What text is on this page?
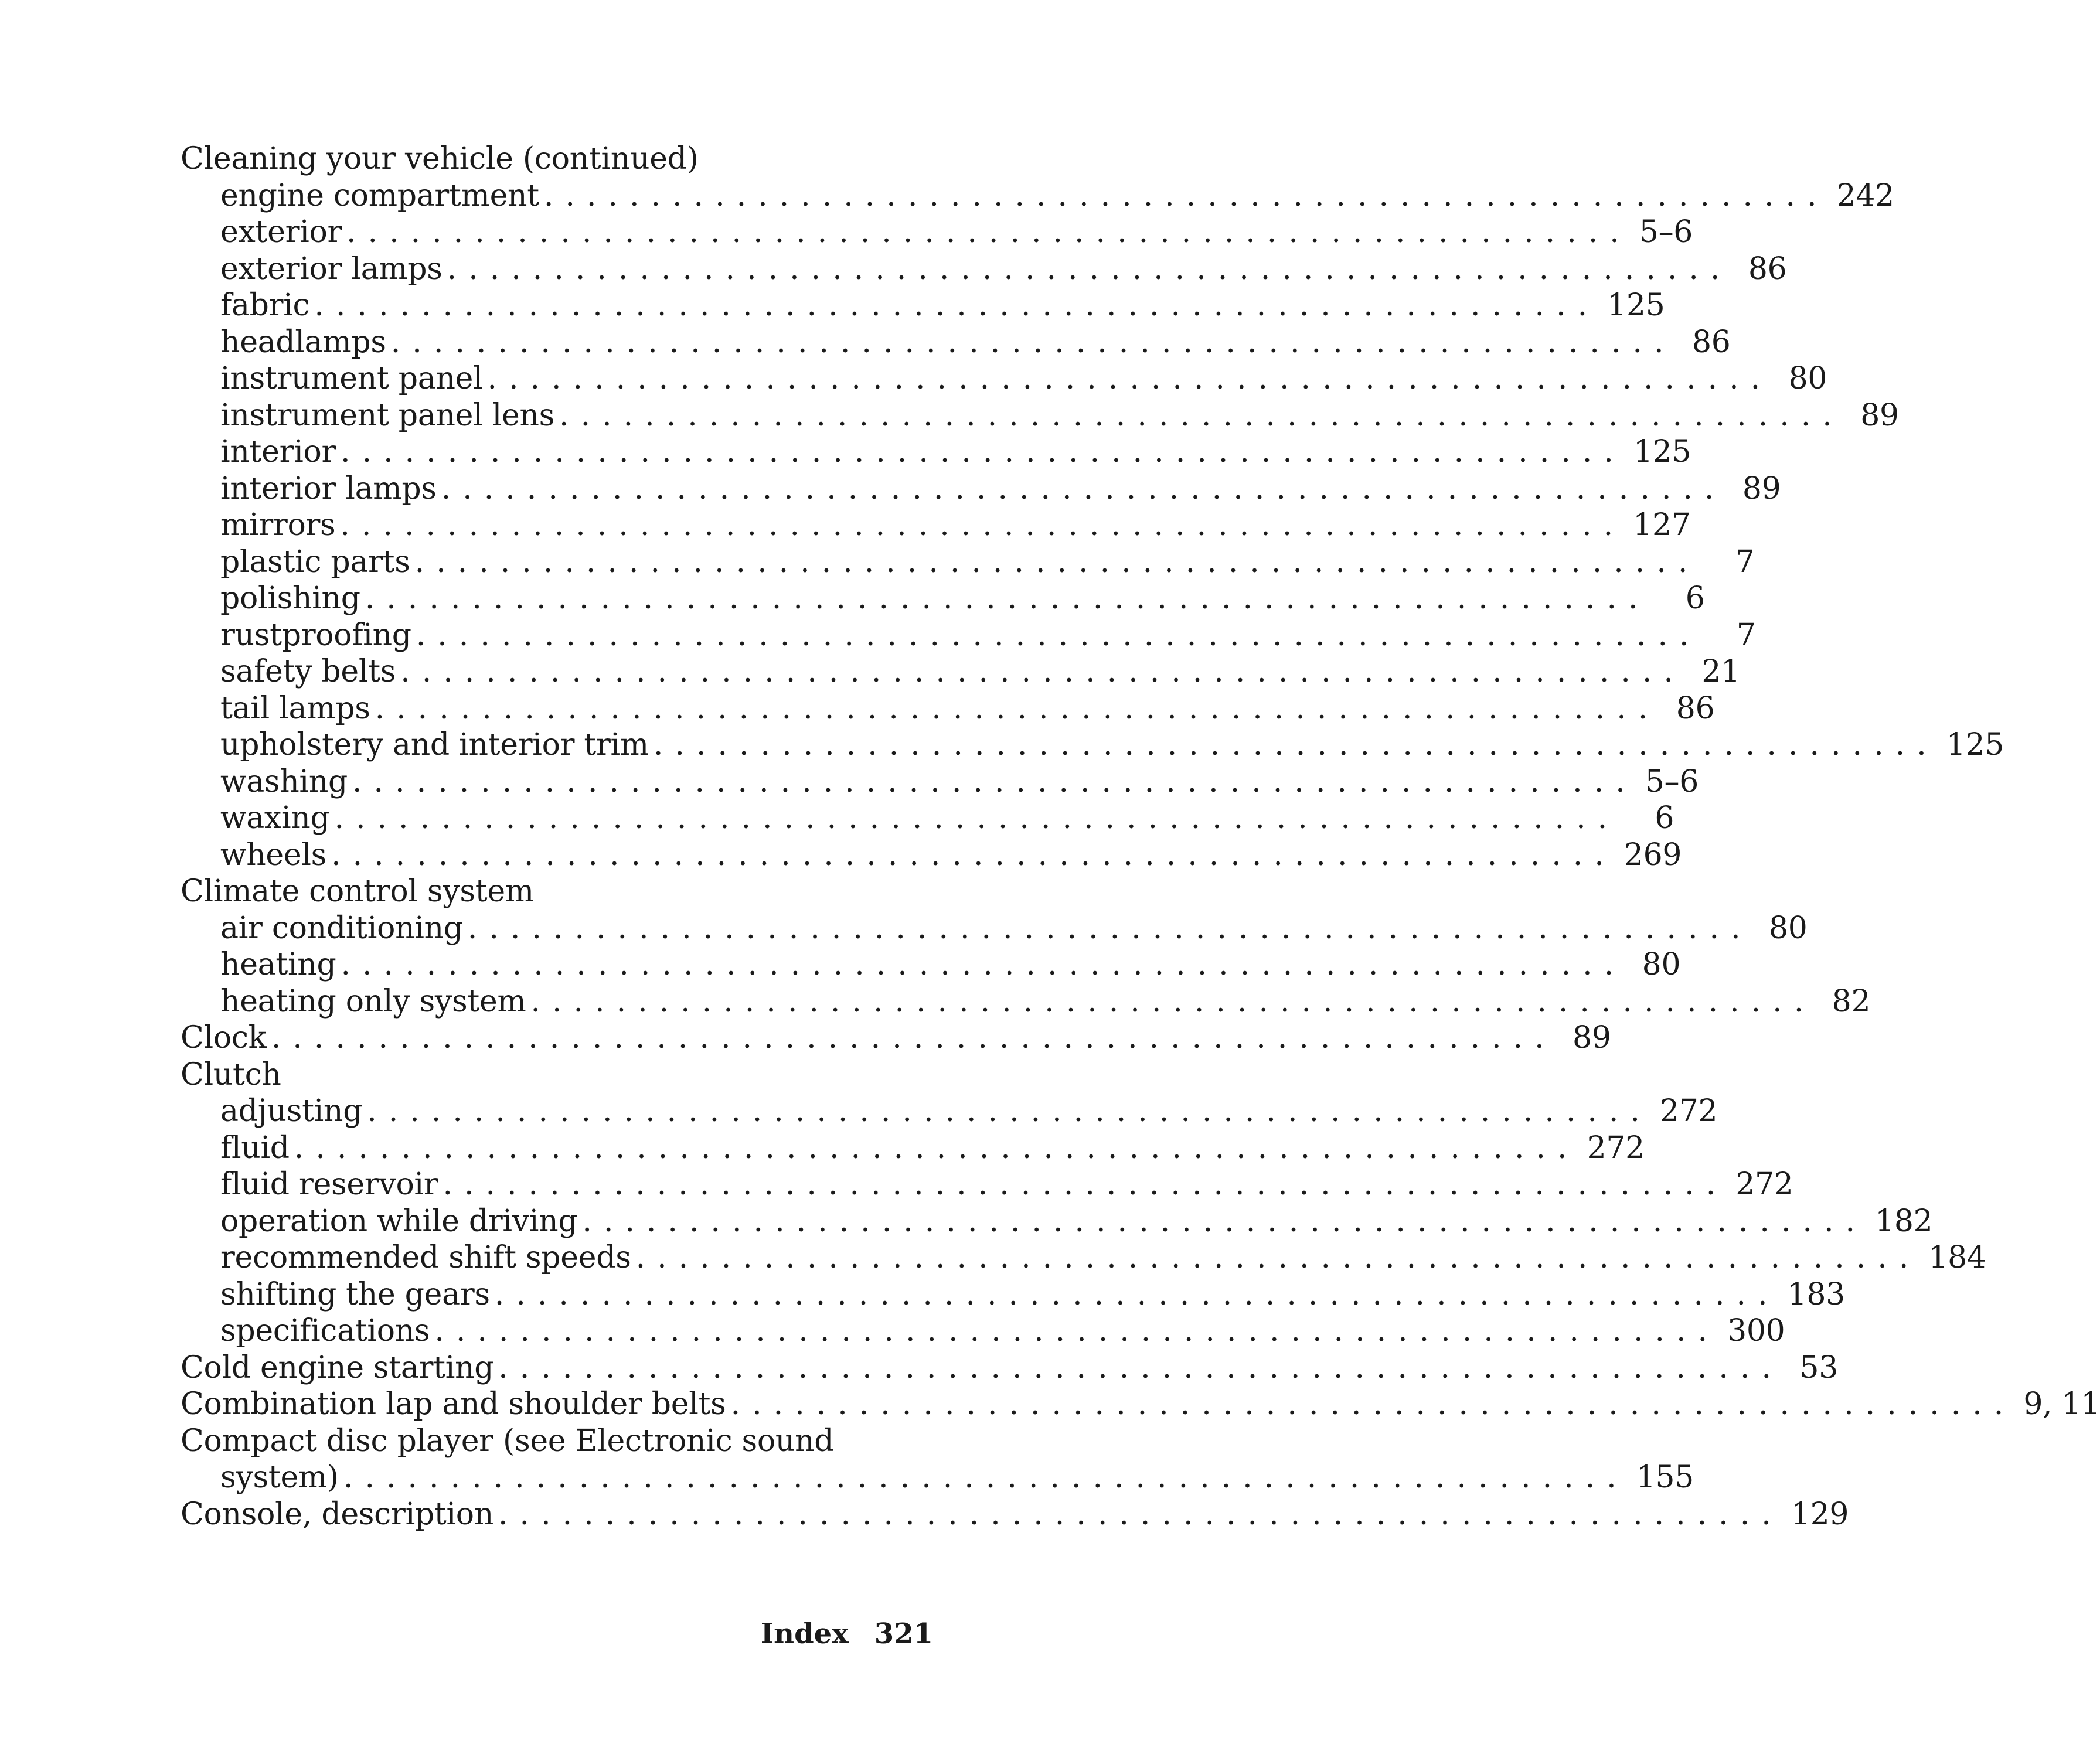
Cleaning your vehicle (continued)
engine compartment ............................................................ 242
exterior ............................................................ 5–6
exterior lamps ............................................................ 86
fabric ............................................................ 125
headlamps ............................................................ 86
instrument panel ............................................................ 80
instrument panel lens ............................................................ 89
interior ............................................................ 125
interior lamps ............................................................ 89
mirrors ............................................................ 127
plastic parts ............................................................	7
polishing ............................................................	6
rustproofing ............................................................	7
safety belts ............................................................ 21
tail lamps ............................................................ 86
upholstery and interior trim ............................................................ 125
washing ............................................................ 5–6
waxing ............................................................	6
wheels ............................................................ 269
Climate control system
air conditioning ............................................................ 80
heating ............................................................ 80
heating only system ............................................................ 82
Clock ............................................................ 89
Clutch
adjusting ............................................................ 272
fluid ............................................................ 272
fluid reservoir ............................................................ 272
operation while driving ............................................................ 182
recommended shift speeds ............................................................ 184
shifting the gears ............................................................ 183
specifications ............................................................ 300
Cold engine starting ............................................................ 53
Combination lap and shoulder belts ............................................................ 9, 11
Compact disc player (see Electronic sound
system) ............................................................ 155
Console, description ............................................................ 129
Index 321
